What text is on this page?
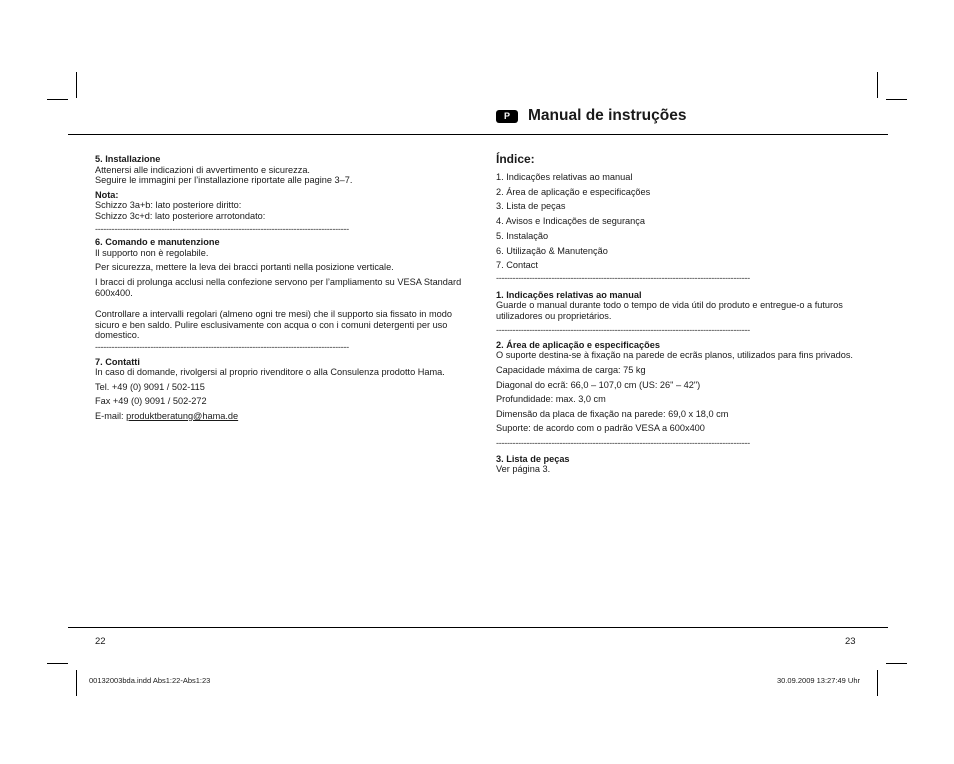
P	Manual de instruções

5. Installazione

Attenersi alle indicazioni di avvertimento e sicurezza.
Seguire le immagini per l’installazione riportate alle pagine 3–7.

Nota:

Schizzo 3a+b: lato posteriore diritto:
Schizzo 3c+d: lato posteriore arrotondato:

--------------------------------------------------------------------------------------------

6. Comando e manutenzione

Il supporto non è regolabile.

Per sicurezza, mettere la leva dei bracci portanti nella posizione verticale.

I bracci di prolunga acclusi nella confezione servono per l’ampliamento su VESA Standard 600x400.

Controllare a intervalli regolari (almeno ogni tre mesi) che il supporto sia fissato in modo sicuro e ben saldo. Pulire esclusivamente con acqua o con i comuni detergenti per uso domestico.

--------------------------------------------------------------------------------------------

7. Contatti

In caso di domande, rivolgersi al proprio rivenditore o alla Consulenza prodotto Hama.

Tel. +49 (0) 9091 / 502-115

Fax +49 (0) 9091 / 502-272

E-mail: produktberatung@hama.de

Índice:

1. Indicações relativas ao manual

2. Área de aplicação e especificações

3. Lista de peças

4. Avisos e Indicações de segurança

5. Instalação

6. Utilização & Manutenção

7. Contact

--------------------------------------------------------------------------------------------

1. Indicações relativas ao manual

Guarde o manual durante todo o tempo de vida útil do produto e entregue-o a futuros utilizadores ou proprietários.

--------------------------------------------------------------------------------------------

2. Área de aplicação e especificações

O suporte destina-se à fixação na parede de ecrãs planos, utilizados para fins privados.

Capacidade máxima de carga: 75 kg

Diagonal do ecrã: 66,0 – 107,0 cm (US: 26" – 42")

Profundidade: max. 3,0 cm

Dimensão da placa de fixação na parede: 69,0 x 18,0 cm

Suporte: de acordo com o padrão VESA a 600x400

--------------------------------------------------------------------------------------------

3. Lista de peças

Ver página 3.

22	23
00132003bda.indd Abs1:22-Abs1:23	30.09.2009 13:27:49 Uhr
